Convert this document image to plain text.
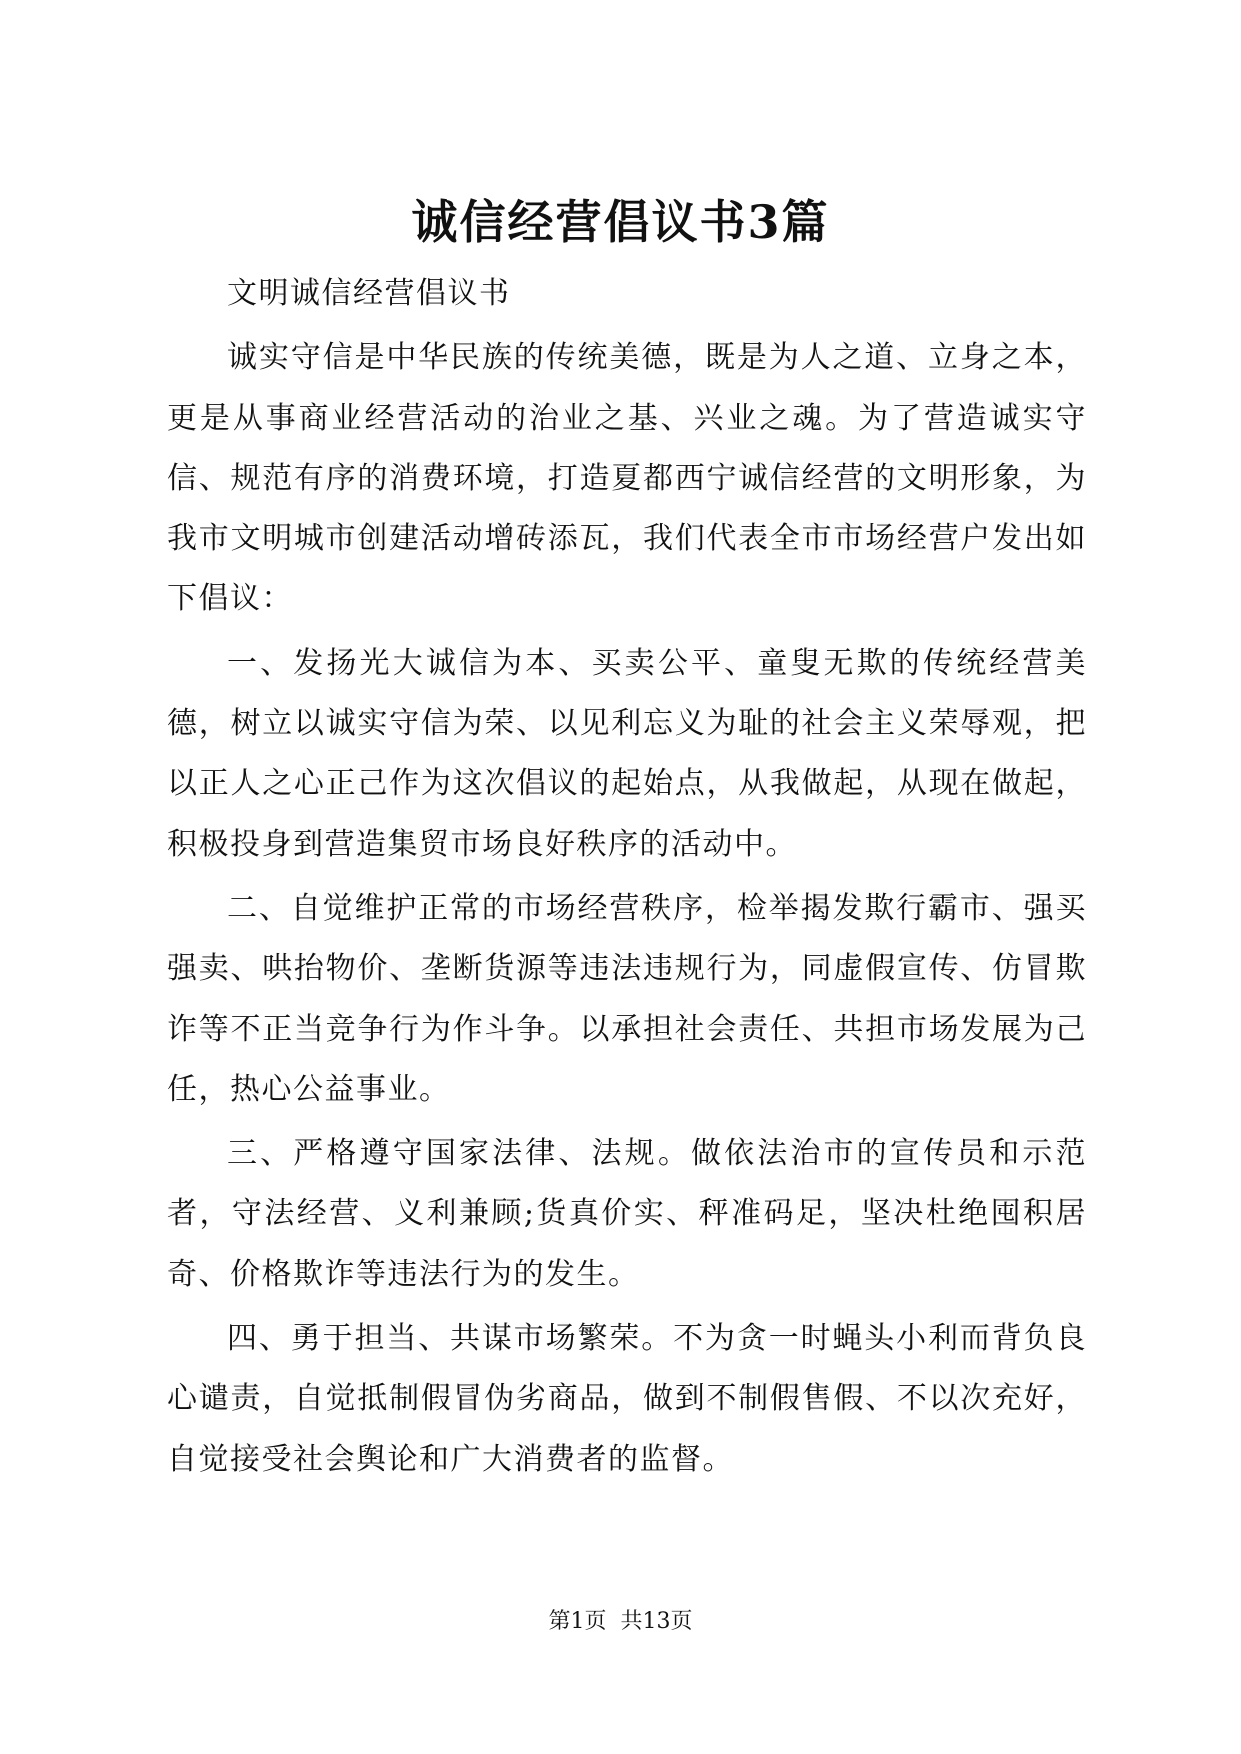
诚信经营倡议书3篇

文明诚信经营倡议书

诚实守信是中华民族的传统美德，既是为人之道、立身之本，更是从事商业经营活动的治业之基、兴业之魂。为了营造诚实守信、规范有序的消费环境，打造夏都西宁诚信经营的文明形象，为我市文明城市创建活动增砖添瓦，我们代表全市市场经营户发出如下倡议：

一、发扬光大诚信为本、买卖公平、童叟无欺的传统经营美德，树立以诚实守信为荣、以见利忘义为耻的社会主义荣辱观，把以正人之心正己作为这次倡议的起始点，从我做起，从现在做起，积极投身到营造集贸市场良好秩序的活动中。

二、自觉维护正常的市场经营秩序，检举揭发欺行霸市、强买强卖、哄抬物价、垄断货源等违法违规行为，同虚假宣传、仿冒欺诈等不正当竞争行为作斗争。以承担社会责任、共担市场发展为己任，热心公益事业。

三、严格遵守国家法律、法规。做依法治市的宣传员和示范者，守法经营、义利兼顾;货真价实、秤准码足，坚决杜绝囤积居奇、价格欺诈等违法行为的发生。

四、勇于担当、共谋市场繁荣。不为贪一时蝇头小利而背负良心谴责，自觉抵制假冒伪劣商品，做到不制假售假、不以次充好，自觉接受社会舆论和广大消费者的监督。

第1页  共13页
